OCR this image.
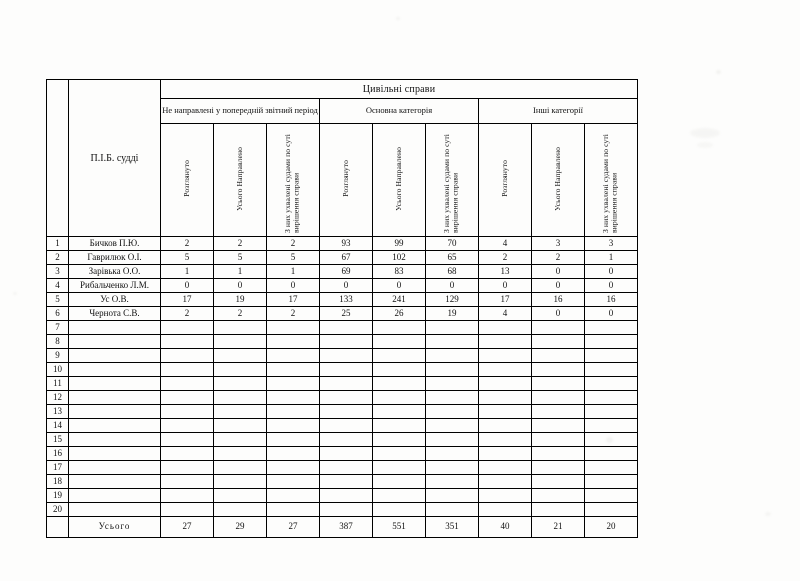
	П.І.Б. судді	Цивільні справи								
		Не направлені у попередній звітний період			Основна категорія			Інші категорії		
		Розглянуто	Усього Направлено	З них ухвалені судами по суті вирішення справи	Розглянуто	Усього Направлено	З них ухвалені судами по суті вирішення справи	Розглянуто	Усього Направлено	З них ухвалені судами по суті вирішення справи
1	Бичков П.Ю.	2	2	2	93	99	70	4	3	3
2	Гаврилюк О.І.	5	5	5	67	102	65	2	2	1
3	Зарівька О.О.	1	1	1	69	83	68	13	0	0
4	Рибальченко Л.М.	0	0	0	0	0	0	0	0	0
5	Ус О.В.	17	19	17	133	241	129	17	16	16
6	Чернота С.В.	2	2	2	25	26	19	4	0	0
7										
8										
9										
10										
11										
12										
13										
14										
15										
16										
17										
18										
19										
20										
	Усього	27	29	27	387	551	351	40	21	20
